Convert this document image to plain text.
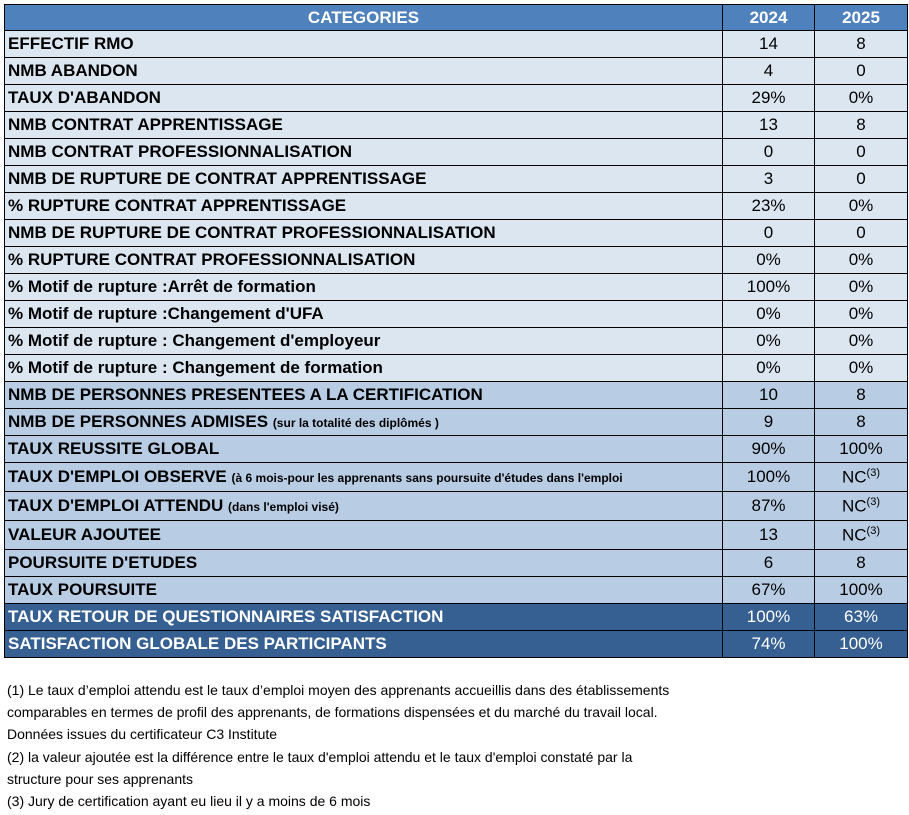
CATEGORIES	2024	2025
EFFECTIF RMO	14	8
NMB ABANDON	4	0
TAUX D'ABANDON	29%	0%
NMB CONTRAT APPRENTISSAGE	13	8
NMB CONTRAT PROFESSIONNALISATION	0	0
NMB DE RUPTURE DE CONTRAT APPRENTISSAGE	3	0
% RUPTURE CONTRAT APPRENTISSAGE	23%	0%
NMB DE RUPTURE DE CONTRAT PROFESSIONNALISATION	0	0
% RUPTURE CONTRAT PROFESSIONNALISATION	0%	0%
% Motif de rupture :Arrêt de formation	100%	0%
% Motif de rupture :Changement d'UFA	0%	0%
% Motif de rupture : Changement d'employeur	0%	0%
% Motif de rupture : Changement de formation	0%	0%
NMB DE PERSONNES PRESENTEES A LA CERTIFICATION	10	8
NMB DE PERSONNES ADMISES (sur la totalité des diplômés )	9	8
TAUX REUSSITE GLOBAL	90%	100%
TAUX D'EMPLOI OBSERVE (à 6 mois-pour les apprenants sans poursuite d'études dans l'emploi	100%	NC$^{(3)}$
TAUX D'EMPLOI ATTENDU (dans l'emploi visé)	87%	NC$^{(3)}$
VALEUR AJOUTEE	13	NC$^{(3)}$
POURSUITE D'ETUDES	6	8
TAUX POURSUITE	67%	100%
TAUX RETOUR DE QUESTIONNAIRES SATISFACTION	100%	63%
SATISFACTION GLOBALE DES PARTICIPANTS	74%	100%
(1) Le taux d’emploi attendu est le taux d’emploi moyen des apprenants accueillis dans des établissements
comparables en termes de profil des apprenants, de formations dispensées et du marché du travail local.
Données issues du certificateur C3 Institute
(2) la valeur ajoutée est la différence entre le taux d'emploi attendu et le taux d'emploi constaté par la
structure pour ses apprenants
(3) Jury de certification ayant eu lieu il y a moins de 6 mois
